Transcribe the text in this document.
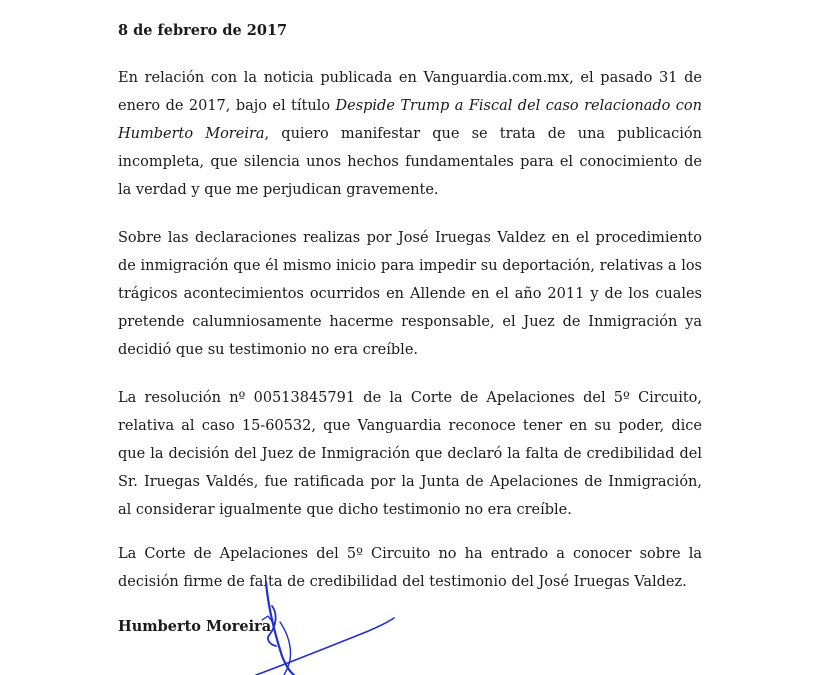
8 de febrero de 2017

En relación con la noticia publicada en Vanguardia.com.mx, el pasado 31 de enero de 2017, bajo el título Despide Trump a Fiscal del caso relacionado con Humberto Moreira, quiero manifestar que se trata de una publicación incompleta, que silencia unos hechos fundamentales para el conocimiento de la verdad y que me perjudican gravemente.

Sobre las declaraciones realizas por José Iruegas Valdez en el procedimiento de inmigración que él mismo inicio para impedir su deportación, relativas a los trágicos acontecimientos ocurridos en Allende en el año 2011 y de los cuales pretende calumniosamente hacerme responsable, el Juez de Inmigración ya decidió que su testimonio no era creíble.

La resolución nº 00513845791 de la Corte de Apelaciones del 5º Circuito, relativa al caso 15-60532, que Vanguardia reconoce tener en su poder, dice que la decisión del Juez de Inmigración que declaró la falta de credibilidad del Sr. Iruegas Valdés, fue ratificada por la Junta de Apelaciones de Inmigración, al considerar igualmente que dicho testimonio no era creíble.

La Corte de Apelaciones del 5º Circuito no ha entrado a conocer sobre la decisión firme de falta de credibilidad del testimonio del José Iruegas Valdez.

Humberto Moreira
